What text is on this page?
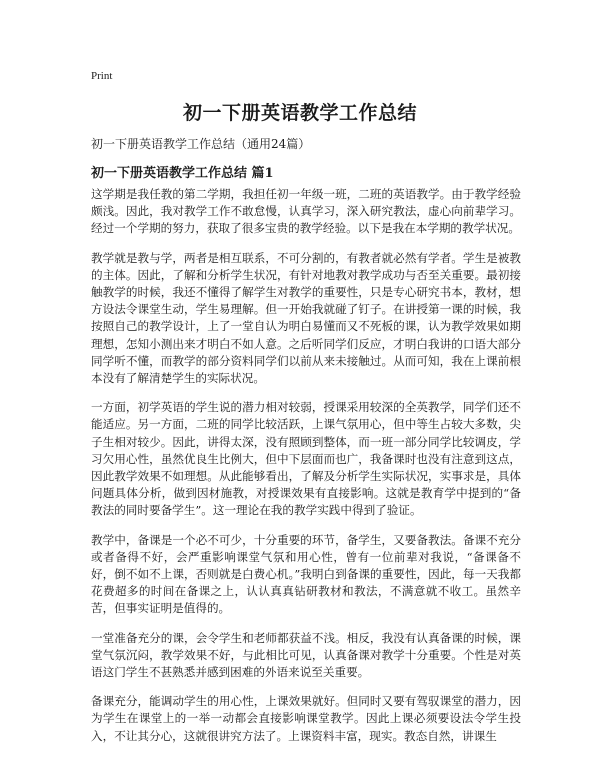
Print
初一下册英语教学工作总结
初一下册英语教学工作总结（通用24篇）
初一下册英语教学工作总结 篇1

这学期是我任教的第二学期，我担任初一年级一班，二班的英语教学。由于教学经验颇浅。因此，我对教学工作不敢怠慢，认真学习，深入研究教法，虚心向前辈学习。经过一个学期的努力，获取了很多宝贵的教学经验。以下是我在本学期的教学状况。

教学就是教与学，两者是相互联系，不可分割的，有教者就必然有学者。学生是被教的主体。因此，了解和分析学生状况，有针对地教对教学成功与否至关重要。最初接触教学的时候，我还不懂得了解学生对教学的重要性，只是专心研究书本，教材，想方设法令课堂生动，学生易理解。但一开始我就碰了钉子。在讲授第一课的时候，我按照自己的教学设计，上了一堂自认为明白易懂而又不死板的课，认为教学效果如期理想，怎知小测出来才明白不如人意。之后听同学们反应，才明白我讲的口语大部分同学听不懂，而教学的部分资料同学们以前从来未接触过。从而可知，我在上课前根本没有了解清楚学生的实际状况。

一方面，初学英语的学生说的潜力相对较弱，授课采用较深的全英教学，同学们还不能适应。另一方面，二班的同学比较活跃，上课气氛用心，但中等生占较大多数，尖子生相对较少。因此，讲得太深，没有照顾到整体，而一班一部分同学比较调皮，学习欠用心性，虽然优良生比例大，但中下层面而也广，我备课时也没有注意到这点，因此教学效果不如理想。从此能够看出，了解及分析学生实际状况，实事求是，具体问题具体分析，做到因材施教，对授课效果有直接影响。这就是教育学中提到的“备教法的同时要备学生”。这一理论在我的教学实践中得到了验证。

教学中，备课是一个必不可少，十分重要的环节，备学生，又要备教法。备课不充分或者备得不好，会严重影响课堂气氛和用心性，曾有一位前辈对我说，“备课备不好，倒不如不上课，否则就是白费心机。”我明白到备课的重要性，因此，每一天我都花费超多的时间在备课之上，认认真真钻研教材和教法，不满意就不收工。虽然辛苦，但事实证明是值得的。

一堂准备充分的课，会令学生和老师都获益不浅。相反，我没有认真备课的时候，课堂气氛沉闷，教学效果不好，与此相比可见，认真备课对教学十分重要。个性是对英语这门学生不甚熟悉并感到困难的外语来说至关重要。

备课充分，能调动学生的用心性，上课效果就好。但同时又要有驾驭课堂的潜力，因为学生在课堂上的一举一动都会直接影响课堂教学。因此上课必须要设法令学生投入，不让其分心，这就很讲究方法了。上课资料丰富，现实。教态自然，讲课生
